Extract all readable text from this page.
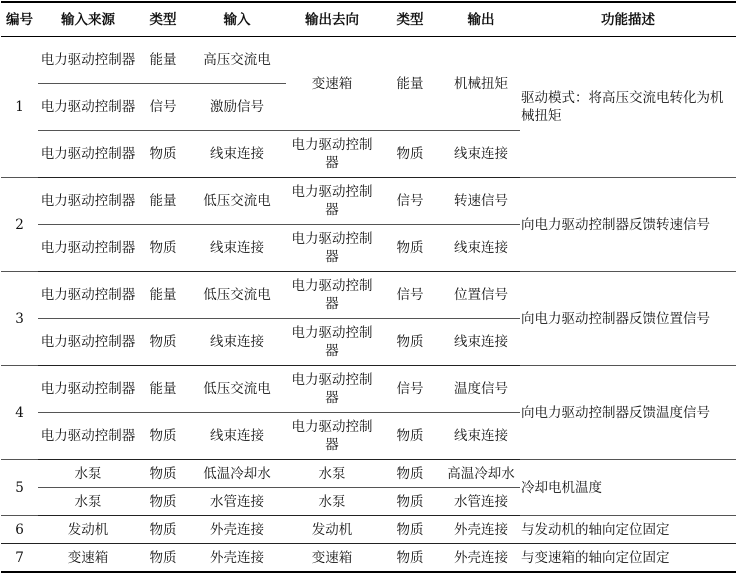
编号	输入来源	类型	输入	输出去向	类型	输出	功能描述
1	电力驱动控制器	能量	高压交流电	变速箱	能量	机械扭矩	驱动模式：将高压交流电转化为机械扭矩
	电力驱动控制器	信号	激励信号				
	电力驱动控制器	物质	线束连接	电力驱动控制器	物质	线束连接	
2	电力驱动控制器	能量	低压交流电	电力驱动控制器	信号	转速信号	向电力驱动控制器反馈转速信号
	电力驱动控制器	物质	线束连接	电力驱动控制器	物质	线束连接	
3	电力驱动控制器	能量	低压交流电	电力驱动控制器	信号	位置信号	向电力驱动控制器反馈位置信号
	电力驱动控制器	物质	线束连接	电力驱动控制器	物质	线束连接	
4	电力驱动控制器	能量	低压交流电	电力驱动控制器	信号	温度信号	向电力驱动控制器反馈温度信号
	电力驱动控制器	物质	线束连接	电力驱动控制器	物质	线束连接	
5	水泵	物质	低温冷却水	水泵	物质	高温冷却水	冷却电机温度
	水泵	物质	水管连接	水泵	物质	水管连接	
6	发动机	物质	外壳连接	发动机	物质	外壳连接	与发动机的轴向定位固定
7	变速箱	物质	外壳连接	变速箱	物质	外壳连接	与变速箱的轴向定位固定
